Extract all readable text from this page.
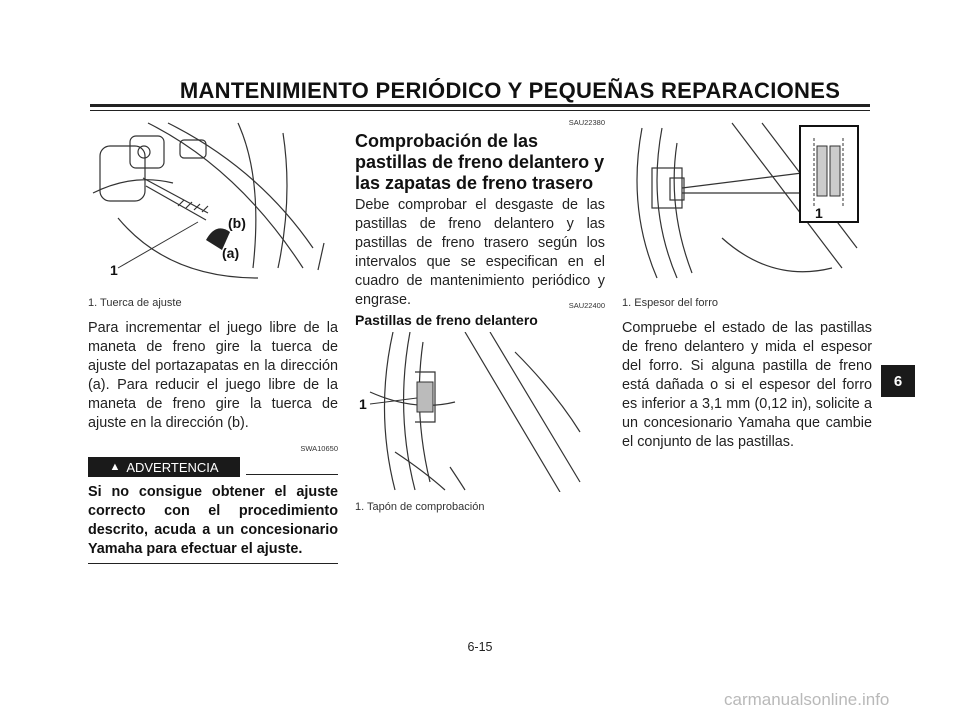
MANTENIMIENTO PERIÓDICO Y PEQUEÑAS REPARACIONES
(b)
(a)
1
1. Tuerca de ajuste
Para incrementar el juego libre de la maneta de freno gire la tuerca de ajuste del portazapatas en la dirección (a). Para reducir el juego libre de la maneta de freno gire la tuerca de ajuste en la dirección (b).
SWA10650
▲ ADVERTENCIA
Si no consigue obtener el ajuste correcto con el procedimiento descrito, acuda a un concesionario Yamaha para efectuar el ajuste.
SAU22380
Comprobación de las pastillas de freno delantero y las zapatas de freno trasero
Debe comprobar el desgaste de las pastillas de freno delantero y las pastillas de freno trasero según los intervalos que se especifican en el cuadro de mantenimiento periódico y engrase.	SAU22400
Pastillas de freno delantero
1
1. Tapón de comprobación
1
1. Espesor del forro
Compruebe el estado de las pastillas de freno delantero y mida el espesor del forro. Si alguna pastilla de freno está dañada o si el espesor del forro es inferior a 3,1 mm (0,12 in), solicite a un concesionario Yamaha que cambie el conjunto de las pastillas.
6
6-15
carmanualsonline.info
